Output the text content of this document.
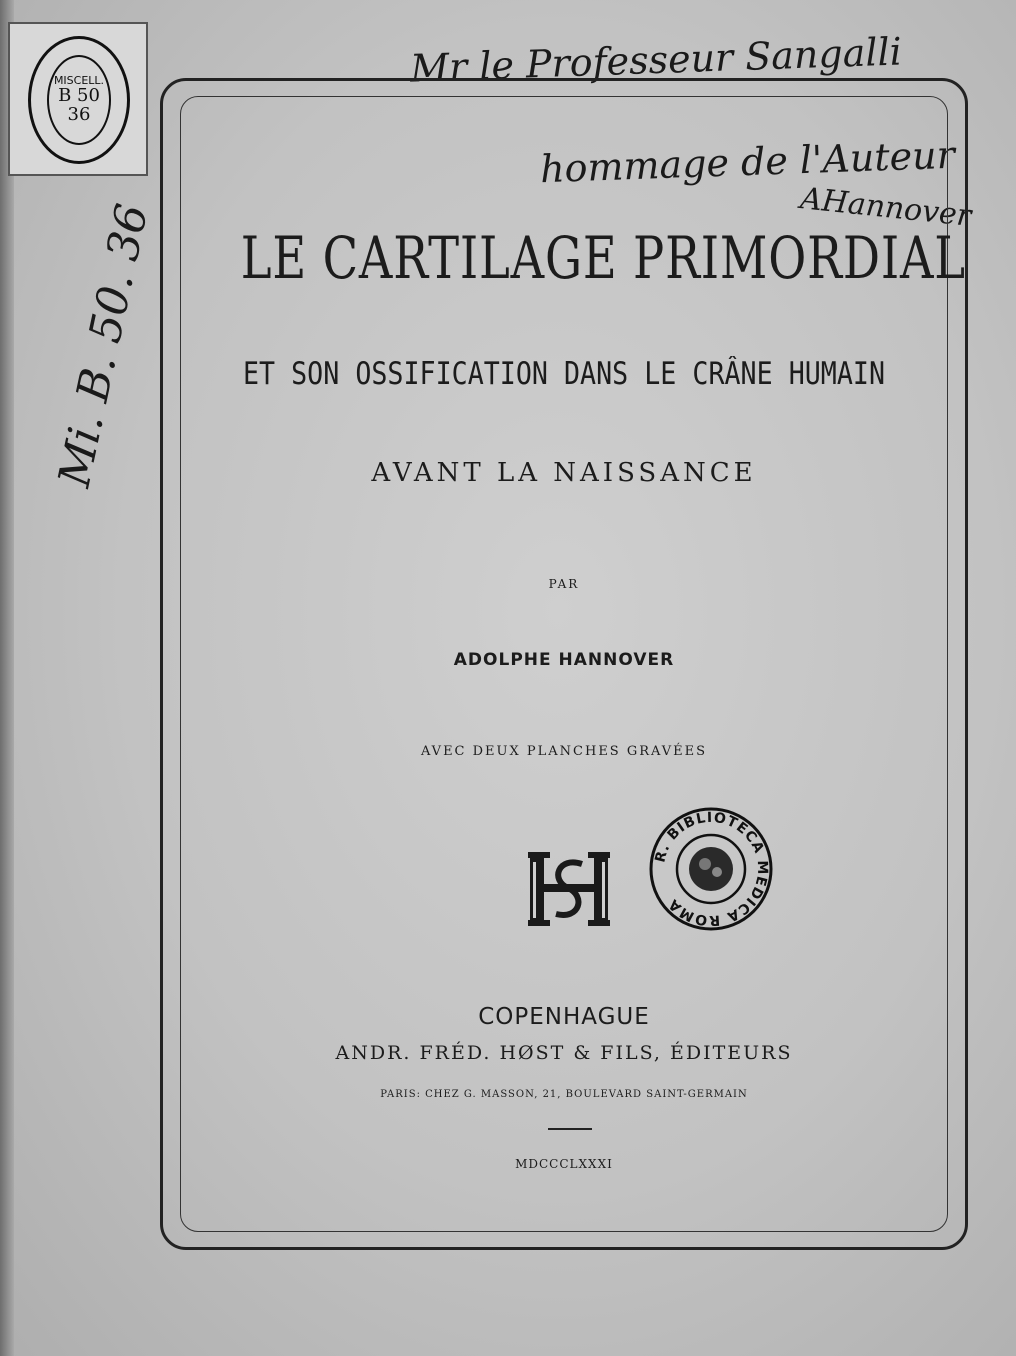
MISCELL.
B 50
36
Mr le Professeur Sangalli
hommage de l'Auteur
AHannover
Mi. B. 50. 36 LE CARTILAGE PRIMORDIAL
ET SON OSSIFICATION DANS LE CRÂNE HUMAIN
AVANT LA NAISSANCE
PAR
ADOLPHE HANNOVER
AVEC DEUX PLANCHES GRAVÉES
R. BIBLIOTECA MEDICA ROMA
COPENHAGUE
ANDR. FRÉD. HØST & FILS, ÉDITEURS
PARIS: CHEZ G. MASSON, 21, BOULEVARD SAINT-GERMAIN
MDCCCLXXXI
